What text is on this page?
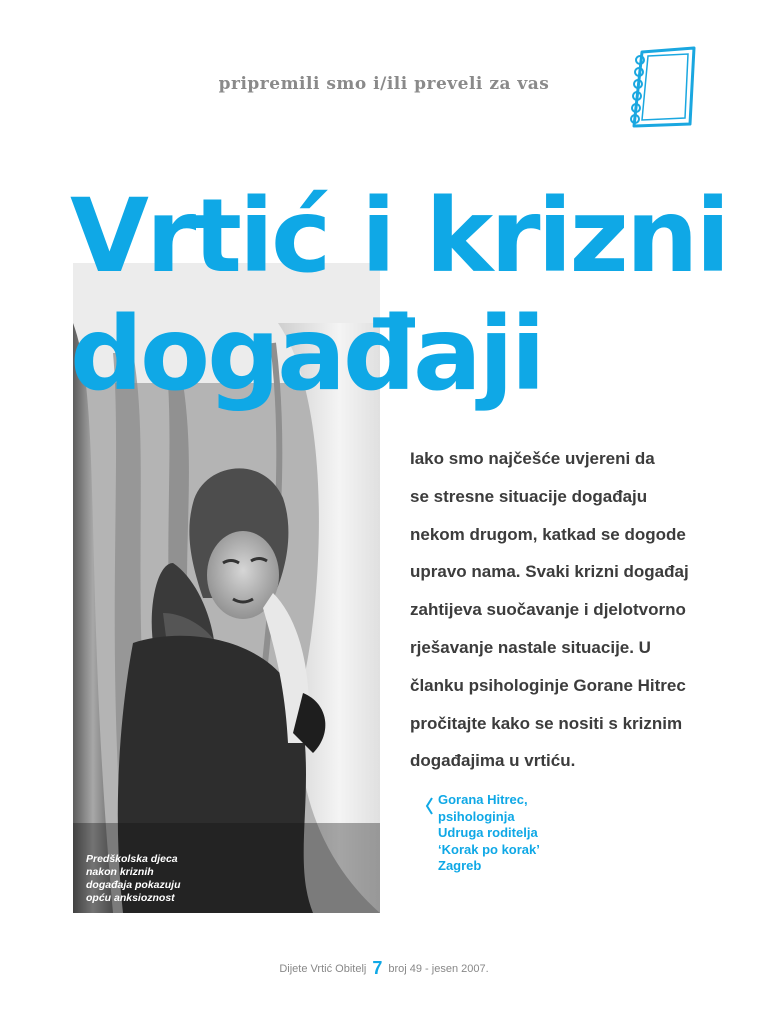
pripremili smo i/ili preveli za vas
Vrtić i krizni
događaji
Iako smo najčešće uvjereni da
se stresne situacije događaju
nekom drugom, katkad se dogode
upravo nama. Svaki krizni događaj
zahtijeva suočavanje i djelotvorno
rješavanje nastale situacije. U
članku psihologinje Gorane Hitrec
pročitajte kako se nositi s kriznim
događajima u vrtiću.
Gorana Hitrec,
psihologinja
Udruga roditelja
‘Korak po korak’
Zagreb
Predškolska djeca
nakon kriznih
događaja pokazuju
opću anksioznost
Dijete Vrtić Obitelj 7 broj 49 - jesen 2007.
